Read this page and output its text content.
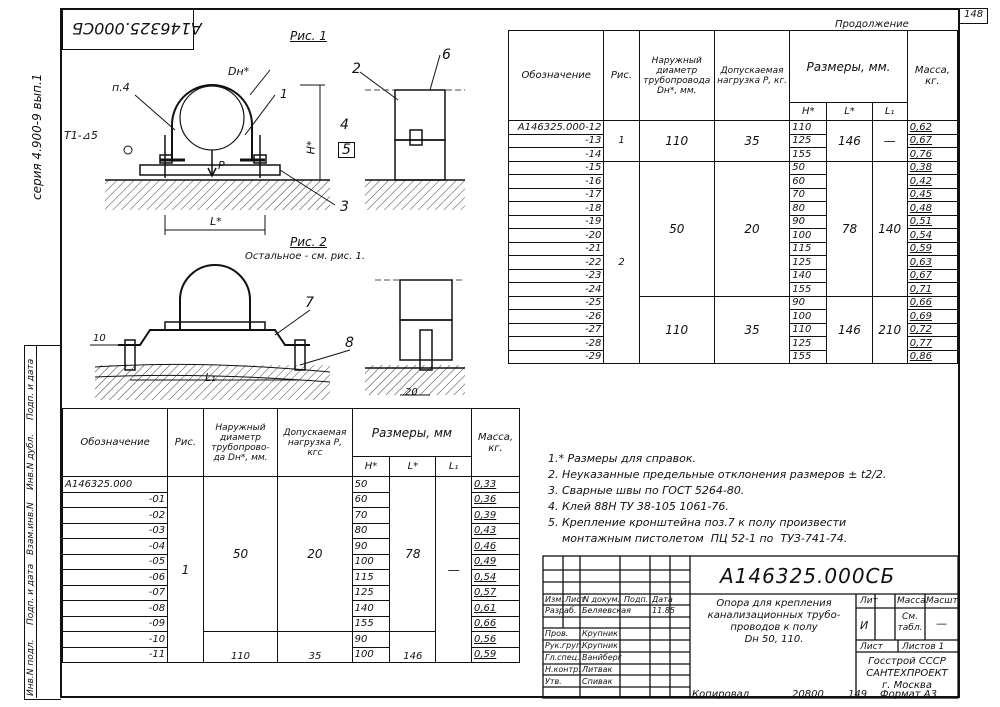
148
А146325.000СБ
серия 4.900-9 вып.1
Инв.N подл.
Подп. и дата
Взам.инв.N
Инв.N дубл.
Подп. и дата
Рис. 1
Dн*
п.4
Т1-⊿5
Н*
L*
P
1
2
3
4
5
6
Рис. 2
Остальное - см. рис. 1.
10
L₁
20
7
8
Продолжение
Обозначение	Рис.	Наружный диаметр трубопровода Dн*, мм.	Допускаемая нагрузка Р, кг.	Размеры, мм.			Масса, кг.
				Н*	L*	L₁	
А146325.000-12	1	110	35	110	146	—	0,62
-13				125			0,67
-14				155			0,76
-15	2	50	20	50	78	140	0,38
-16				60			0,42
-17				70			0,45
-18				80			0,48
-19				90			0,51
-20				100			0,54
-21				115			0,59
-22				125			0,63
-23				140			0,67
-24				155			0,71
-25		110	35	90	146	210	0,66
-26				100			0,69
-27				110			0,72
-28				125			0,77
-29				155			0,86
Обозначение	Рис.	Наружный диаметр трубопрово-да Dн*, мм.	Допускаемая нагрузка Р, кгс	Размеры, мм			Масса, кг.
				Н*	L*	L₁	
А146325.000	1	50	20	50	78	—	0,33
-01				60			0,36
-02				70			0,39
-03				80			0,43
-04				90			0,46
-05				100			0,49
-06				115			0,54
-07				125			0,57
-08				140			0,61
-09				155			0,66
-10		110	35	90	146		0,56
-11				100			0,59
1.* Размеры для справок.
2. Неуказанные предельные отклонения размеров ± t2/2.
3. Сварные швы по ГОСТ 5264-80.
4. Клей 88Н ТУ 38-105 1061-76.
5. Крепление кронштейна поз.7 к полу произвести
монтажным пистолетом  ПЦ 52-1 по  ТУЗ-741-74.
А146325.000СБ
Опора для крепления
канализационных трубо-
проводов к полу
Dн 50, 110.
Лит Масса Масшт.
И
См. табл. —
Лист Листов 1
Госстрой СССР
САНТЕХПРОЕКТ
г. Москва
Изм. Лист
N докум. Подп. Дата
Разраб. Беляевская	11.85
Пров. Крупник
Рук.груп.
Крупник
Гл.спец. Ванйберг
Н.контр. Литвак
Утв.	Спивак
Копировал	20800 149 Формат А3
